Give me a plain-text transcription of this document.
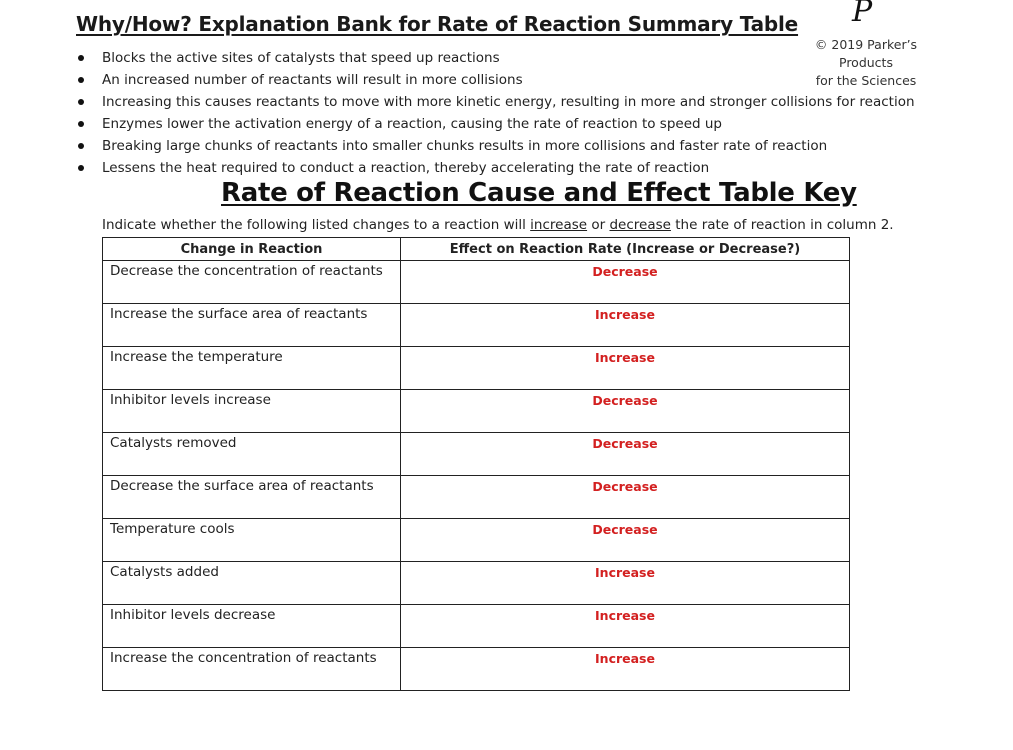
Why/How? Explanation Bank for Rate of Reaction Summary Table P
© 2019 Parker’s Products
for the Sciences
Blocks the active sites of catalysts that speed up reactions
An increased number of reactants will result in more collisions
Increasing this causes reactants to move with more kinetic energy, resulting in more and stronger collisions for reaction
Enzymes lower the activation energy of a reaction, causing the rate of reaction to speed up
Breaking large chunks of reactants into smaller chunks results in more collisions and faster rate of reaction
Lessens the heat required to conduct a reaction, thereby accelerating the rate of reaction
Rate of Reaction Cause and Effect Table Key
Indicate whether the following listed changes to a reaction will increase or decrease the rate of reaction in column 2.
Change in Reaction	Effect on Reaction Rate (Increase or Decrease?)
Decrease the concentration of reactants	Decrease
Increase the surface area of reactants	Increase
Increase the temperature	Increase
Inhibitor levels increase	Decrease
Catalysts removed	Decrease
Decrease the surface area of reactants	Decrease
Temperature cools	Decrease
Catalysts added	Increase
Inhibitor levels decrease	Increase
Increase the concentration of reactants	Increase
